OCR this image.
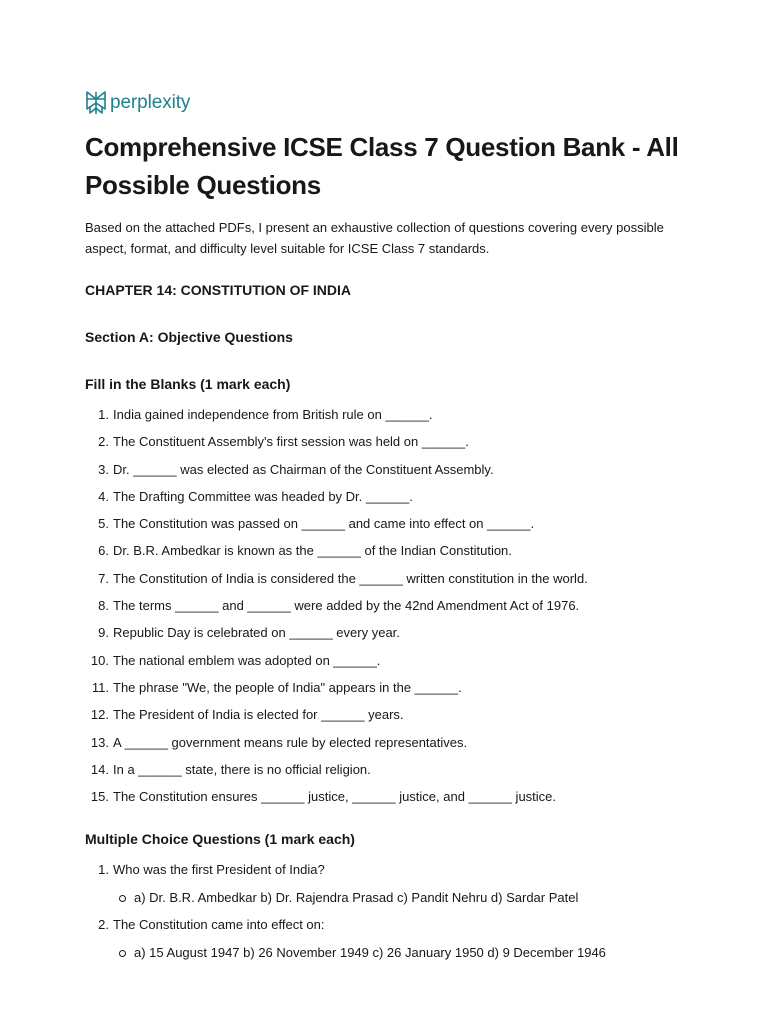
perplexity
Comprehensive ICSE Class 7 Question Bank - All Possible Questions

Based on the attached PDFs, I present an exhaustive collection of questions covering every possible aspect, format, and difficulty level suitable for ICSE Class 7 standards.

CHAPTER 14: CONSTITUTION OF INDIA
Section A: Objective Questions
Fill in the Blanks (1 mark each)
1. India gained independence from British rule on ______.
2. The Constituent Assembly's first session was held on ______.
3. Dr. ______ was elected as Chairman of the Constituent Assembly.
4. The Drafting Committee was headed by Dr. ______.
5. The Constitution was passed on ______ and came into effect on ______.
6. Dr. B.R. Ambedkar is known as the ______ of the Indian Constitution.
7. The Constitution of India is considered the ______ written constitution in the world.
8. The terms ______ and ______ were added by the 42nd Amendment Act of 1976.
9. Republic Day is celebrated on ______ every year.
10. The national emblem was adopted on ______.
11. The phrase "We, the people of India" appears in the ______.
12. The President of India is elected for ______ years.
13. A ______ government means rule by elected representatives.
14. In a ______ state, there is no official religion.
15. The Constitution ensures ______ justice, ______ justice, and ______ justice.
Multiple Choice Questions (1 mark each)
1. Who was the first President of India?
a) Dr. B.R. Ambedkar b) Dr. Rajendra Prasad c) Pandit Nehru d) Sardar Patel
2. The Constitution came into effect on:
a) 15 August 1947 b) 26 November 1949 c) 26 January 1950 d) 9 December 1946
